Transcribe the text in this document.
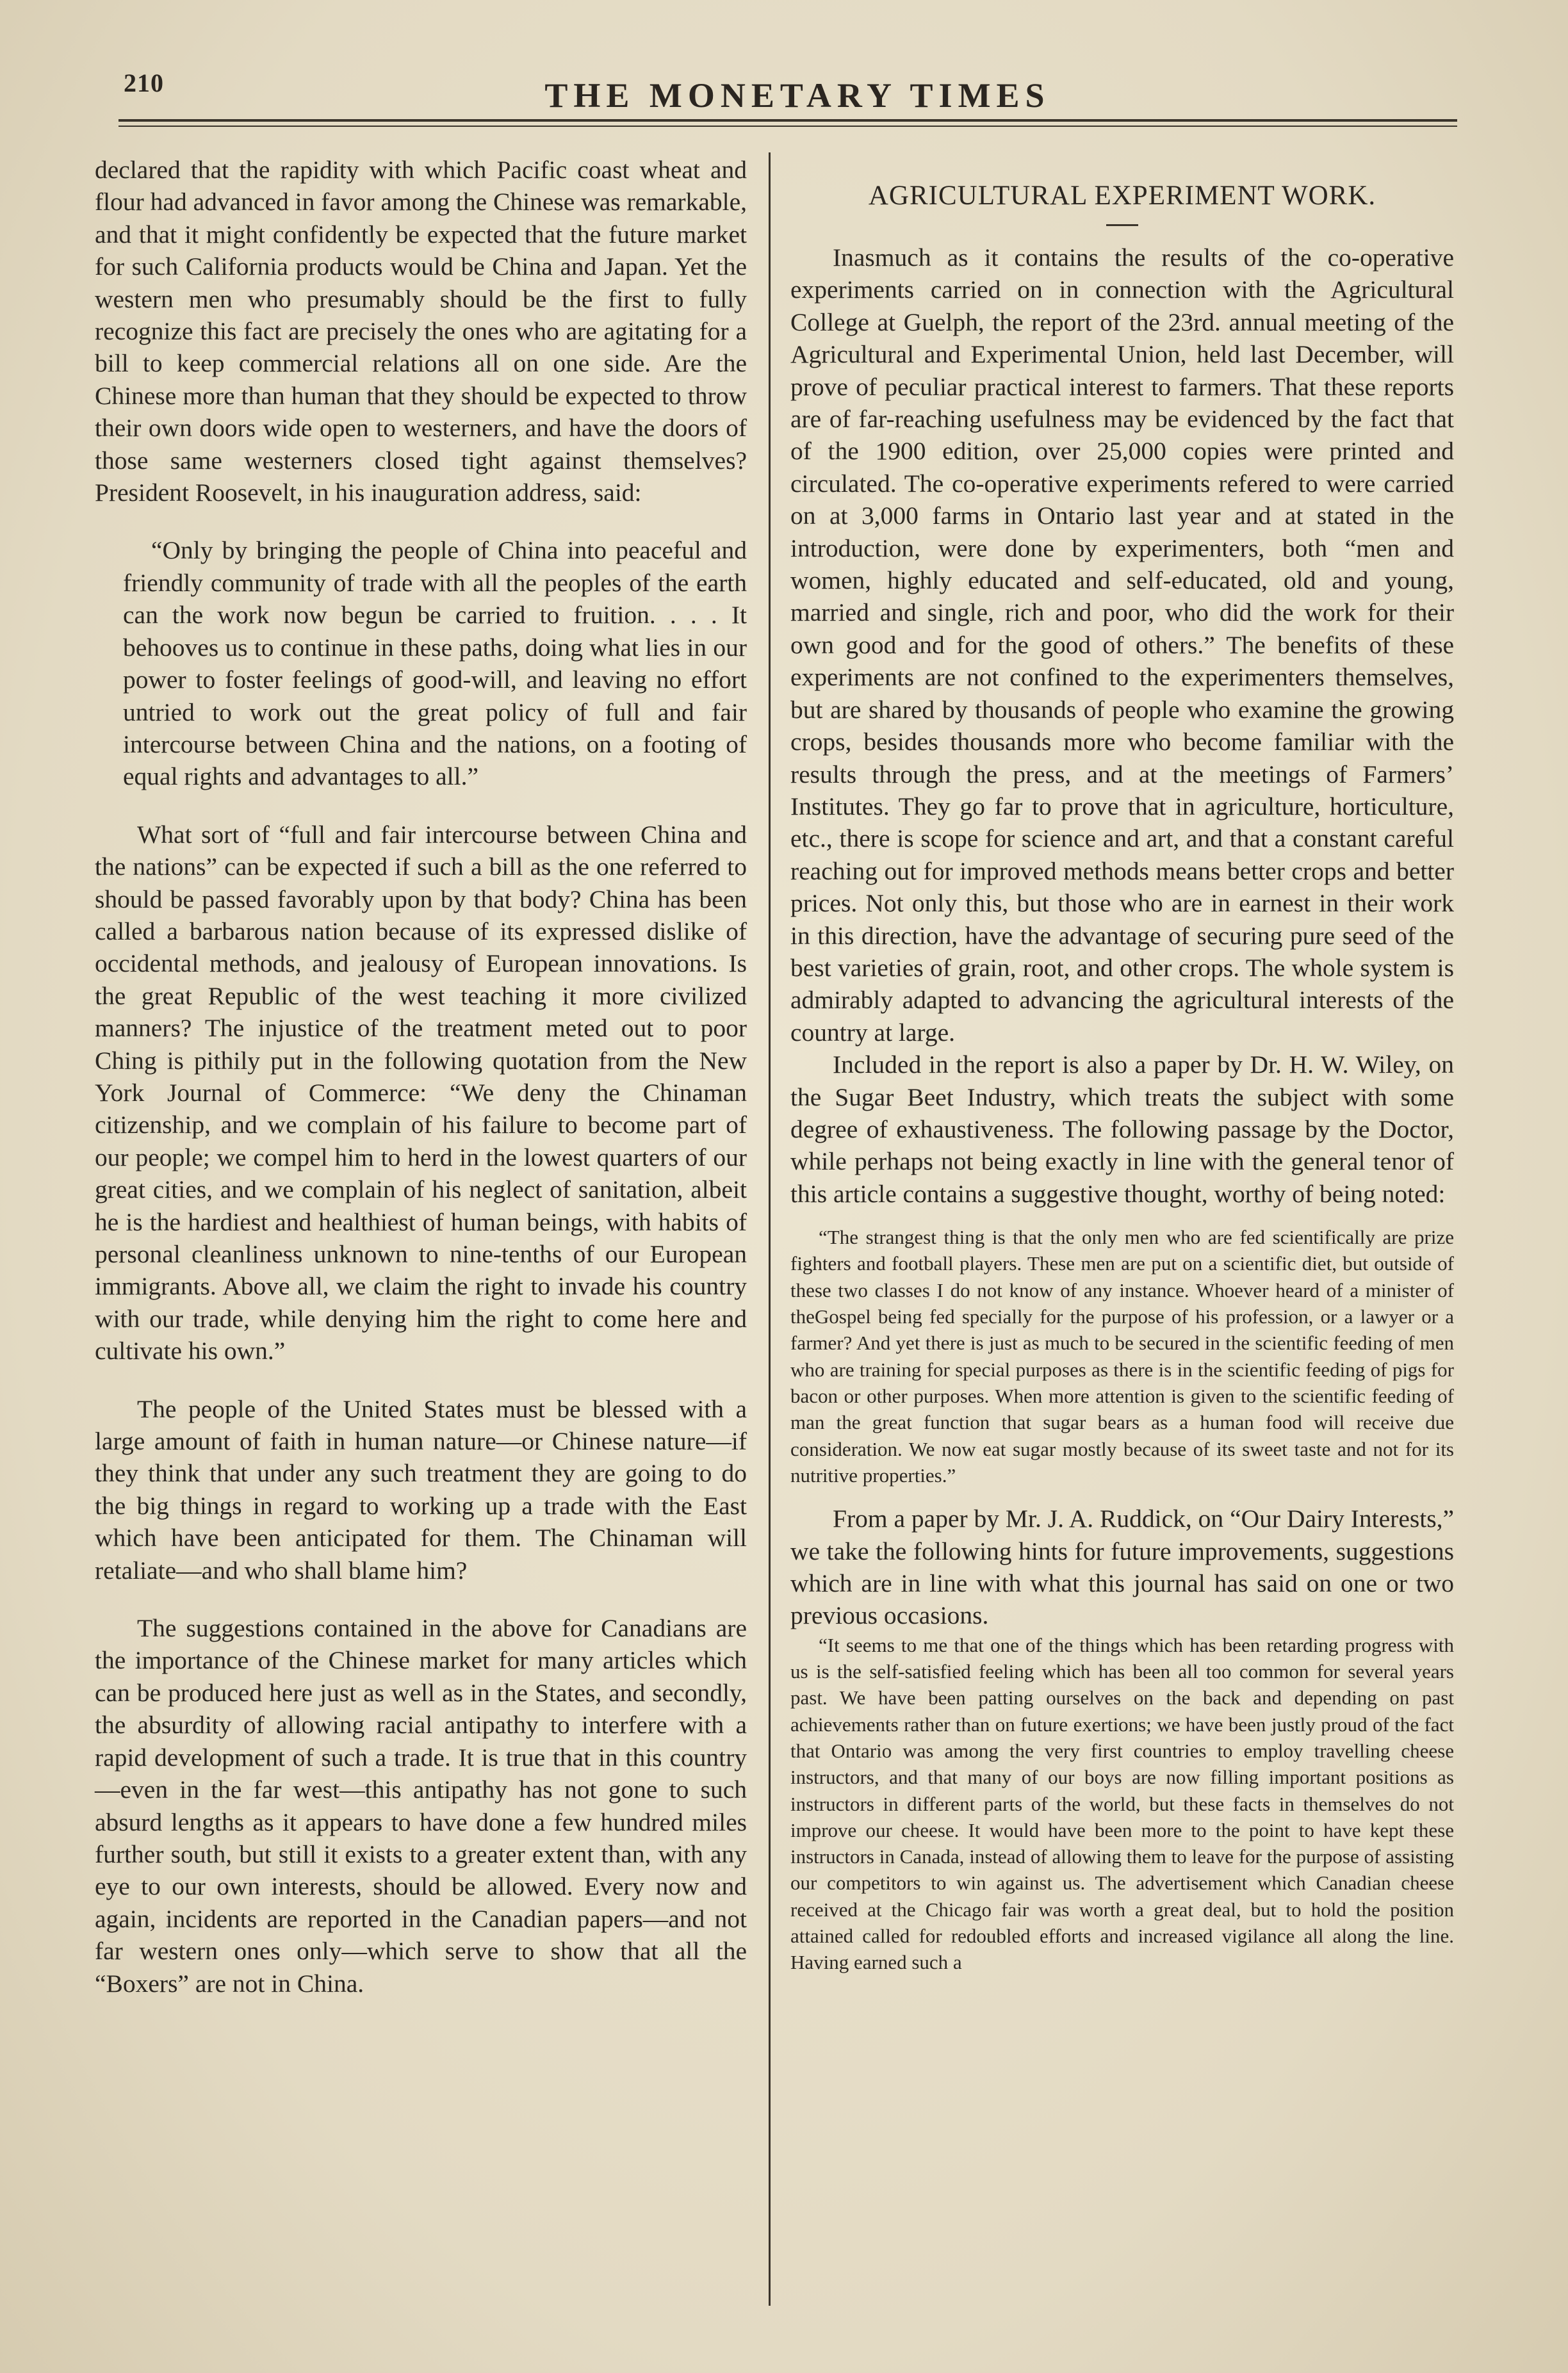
210	THE MONETARY TIMES

declared that the rapidity with which Pacific coast wheat and flour had advanced in favor among the Chinese was remarkable, and that it might confidently be expected that the future market for such California products would be China and Japan. Yet the western men who presumably should be the first to fully recognize this fact are precisely the ones who are agitating for a bill to keep commercial relations all on one side. Are the Chinese more than human that they should be expected to throw their own doors wide open to westerners, and have the doors of those same westerners closed tight against themselves? President Roosevelt, in his inauguration address, said:

“Only by bringing the people of China into peaceful and friendly community of trade with all the peoples of the earth can the work now begun be carried to fruition. . . . It behooves us to continue in these paths, doing what lies in our power to foster feelings of good-will, and leaving no effort untried to work out the great policy of full and fair intercourse between China and the nations, on a footing of equal rights and advantages to all.”

What sort of “full and fair intercourse between China and the nations” can be expected if such a bill as the one referred to should be passed favorably upon by that body? China has been called a barbarous nation because of its expressed dislike of occidental methods, and jealousy of European innovations. Is the great Republic of the west teaching it more civilized manners? The injustice of the treatment meted out to poor Ching is pithily put in the following quotation from the New York Journal of Commerce: “We deny the Chinaman citizenship, and we complain of his failure to become part of our people; we compel him to herd in the lowest quarters of our great cities, and we complain of his neglect of sanitation, albeit he is the hardiest and healthiest of human beings, with habits of personal cleanliness unknown to nine-tenths of our European immigrants. Above all, we claim the right to invade his country with our trade, while denying him the right to come here and cultivate his own.”

The people of the United States must be blessed with a large amount of faith in human nature—or Chinese nature—if they think that under any such treatment they are going to do the big things in regard to working up a trade with the East which have been anticipated for them. The Chinaman will retaliate—and who shall blame him?

The suggestions contained in the above for Canadians are the importance of the Chinese market for many articles which can be produced here just as well as in the States, and secondly, the absurdity of allowing racial antipathy to interfere with a rapid development of such a trade. It is true that in this country—even in the far west—this antipathy has not gone to such absurd lengths as it appears to have done a few hundred miles further south, but still it exists to a greater extent than, with any eye to our own interests, should be allowed. Every now and again, incidents are reported in the Canadian papers—and not far western ones only—which serve to show that all the “Boxers” are not in China.

AGRICULTURAL EXPERIMENT WORK.

Inasmuch as it contains the results of the co-operative experiments carried on in connection with the Agricultural College at Guelph, the report of the 23rd. annual meeting of the Agricultural and Experimental Union, held last December, will prove of peculiar practical interest to farmers. That these reports are of far-reaching usefulness may be evidenced by the fact that of the 1900 edition, over 25,000 copies were printed and circulated. The co-operative experiments refered to were carried on at 3,000 farms in Ontario last year and at stated in the introduction, were done by experimenters, both “men and women, highly educated and self-educated, old and young, married and single, rich and poor, who did the work for their own good and for the good of others.” The benefits of these experiments are not confined to the experimenters themselves, but are shared by thousands of people who examine the growing crops, besides thousands more who become familiar with the results through the press, and at the meetings of Farmers’ Institutes. They go far to prove that in agriculture, horticulture, etc., there is scope for science and art, and that a constant careful reaching out for improved methods means better crops and better prices. Not only this, but those who are in earnest in their work in this direction, have the advantage of securing pure seed of the best varieties of grain, root, and other crops. The whole system is admirably adapted to advancing the agricultural interests of the country at large.

Included in the report is also a paper by Dr. H. W. Wiley, on the Sugar Beet Industry, which treats the subject with some degree of exhaustiveness. The following passage by the Doctor, while perhaps not being exactly in line with the general tenor of this article contains a suggestive thought, worthy of being noted:

“The strangest thing is that the only men who are fed scientifically are prize fighters and football players. These men are put on a scientific diet, but outside of these two classes I do not know of any instance. Whoever heard of a minister of theGospel being fed specially for the purpose of his profession, or a lawyer or a farmer? And yet there is just as much to be secured in the scientific feeding of men who are training for special purposes as there is in the scientific feeding of pigs for bacon or other purposes. When more attention is given to the scientific feeding of man the great function that sugar bears as a human food will receive due consideration. We now eat sugar mostly because of its sweet taste and not for its nutritive properties.”

From a paper by Mr. J. A. Ruddick, on “Our Dairy Interests,” we take the following hints for future improvements, suggestions which are in line with what this journal has said on one or two previous occasions.

“It seems to me that one of the things which has been retarding progress with us is the self-satisfied feeling which has been all too common for several years past. We have been patting ourselves on the back and depending on past achievements rather than on future exertions; we have been justly proud of the fact that Ontario was among the very first countries to employ travelling cheese instructors, and that many of our boys are now filling important positions as instructors in different parts of the world, but these facts in themselves do not improve our cheese. It would have been more to the point to have kept these instructors in Canada, instead of allowing them to leave for the purpose of assisting our competitors to win against us. The advertisement which Canadian cheese received at the Chicago fair was worth a great deal, but to hold the position attained called for redoubled efforts and increased vigilance all along the line. Having earned such a
